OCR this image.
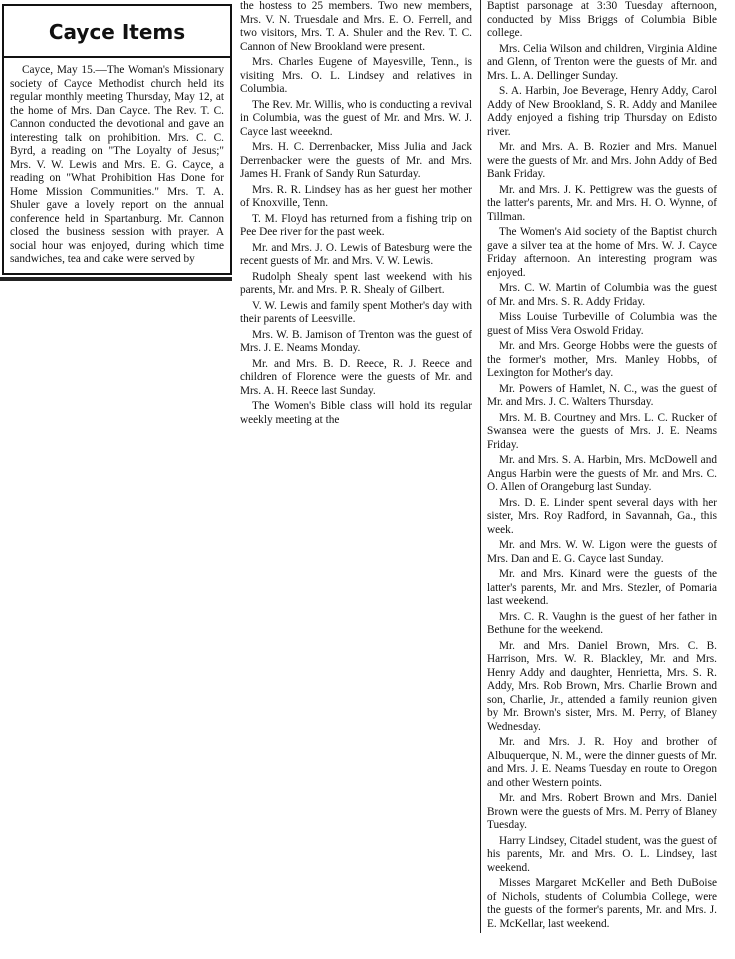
Cayce Items

Cayce, May 15.—The Woman's Missionary society of Cayce Methodist church held its regular monthly meeting Thursday, May 12, at the home of Mrs. Dan Cayce. The Rev. T. C. Cannon conducted the devotional and gave an interesting talk on prohibition. Mrs. C. C. Byrd, a reading on "The Loyalty of Jesus;" Mrs. V. W. Lewis and Mrs. E. G. Cayce, a reading on "What Prohibition Has Done for Home Mission Communities." Mrs. T. A. Shuler gave a lovely report on the annual conference held in Spartanburg. Mr. Cannon closed the business session with prayer. A social hour was enjoyed, during which time sandwiches, tea and cake were served by

the hostess to 25 members. Two new members, Mrs. V. N. Truesdale and Mrs. E. O. Ferrell, and two visitors, Mrs. T. A. Shuler and the Rev. T. C. Cannon of New Brookland were present.

Mrs. Charles Eugene of Mayesville, Tenn., is visiting Mrs. O. L. Lindsey and relatives in Columbia.

The Rev. Mr. Willis, who is conducting a revival in Columbia, was the guest of Mr. and Mrs. W. J. Cayce last weeeknd.

Mrs. H. C. Derrenbacker, Miss Julia and Jack Derrenbacker were the guests of Mr. and Mrs. James H. Frank of Sandy Run Saturday.

Mrs. R. R. Lindsey has as her guest her mother of Knoxville, Tenn.

T. M. Floyd has returned from a fishing trip on Pee Dee river for the past week.

Mr. and Mrs. J. O. Lewis of Batesburg were the recent guests of Mr. and Mrs. V. W. Lewis.

Rudolph Shealy spent last weekend with his parents, Mr. and Mrs. P. R. Shealy of Gilbert.

V. W. Lewis and family spent Mother's day with their parents of Leesville.

Mrs. W. B. Jamison of Trenton was the guest of Mrs. J. E. Neams Monday.

Mr. and Mrs. B. D. Reece, R. J. Reece and children of Florence were the guests of Mr. and Mrs. A. H. Reece last Sunday.

The Women's Bible class will hold its regular weekly meeting at the

Baptist parsonage at 3:30 Tuesday afternoon, conducted by Miss Briggs of Columbia Bible college.

Mrs. Celia Wilson and children, Virginia Aldine and Glenn, of Trenton were the guests of Mr. and Mrs. L. A. Dellinger Sunday.

S. A. Harbin, Joe Beverage, Henry Addy, Carol Addy of New Brookland, S. R. Addy and Manilee Addy enjoyed a fishing trip Thursday on Edisto river.

Mr. and Mrs. A. B. Rozier and Mrs. Manuel were the guests of Mr. and Mrs. John Addy of Bed Bank Friday.

Mr. and Mrs. J. K. Pettigrew was the guests of the latter's parents, Mr. and Mrs. H. O. Wynne, of Tillman.

The Women's Aid society of the Baptist church gave a silver tea at the home of Mrs. W. J. Cayce Friday afternoon. An interesting program was enjoyed.

Mrs. C. W. Martin of Columbia was the guest of Mr. and Mrs. S. R. Addy Friday.

Miss Louise Turbeville of Columbia was the guest of Miss Vera Oswold Friday.

Mr. and Mrs. George Hobbs were the guests of the former's mother, Mrs. Manley Hobbs, of Lexington for Mother's day.

Mr. Powers of Hamlet, N. C., was the guest of Mr. and Mrs. J. C. Walters Thursday.

Mrs. M. B. Courtney and Mrs. L. C. Rucker of Swansea were the guests of Mrs. J. E. Neams Friday.

Mr. and Mrs. S. A. Harbin, Mrs. McDowell and Angus Harbin were the guests of Mr. and Mrs. C. O. Allen of Orangeburg last Sunday.

Mrs. D. E. Linder spent several days with her sister, Mrs. Roy Radford, in Savannah, Ga., this week.

Mr. and Mrs. W. W. Ligon were the guests of Mrs. Dan and E. G. Cayce last Sunday.

Mr. and Mrs. Kinard were the guests of the latter's parents, Mr. and Mrs. Stezler, of Pomaria last weekend.

Mrs. C. R. Vaughn is the guest of her father in Bethune for the weekend.

Mr. and Mrs. Daniel Brown, Mrs. C. B. Harrison, Mrs. W. R. Blackley, Mr. and Mrs. Henry Addy and daughter, Henrietta, Mrs. S. R. Addy, Mrs. Rob Brown, Mrs. Charlie Brown and son, Charlie, Jr., attended a family reunion given by Mr. Brown's sister, Mrs. M. Perry, of Blaney Wednesday.

Mr. and Mrs. J. R. Hoy and brother of Albuquerque, N. M., were the dinner guests of Mr. and Mrs. J. E. Neams Tuesday en route to Oregon and other Western points.

Mr. and Mrs. Robert Brown and Mrs. Daniel Brown were the guests of Mrs. M. Perry of Blaney Tuesday.

Harry Lindsey, Citadel student, was the guest of his parents, Mr. and Mrs. O. L. Lindsey, last weekend.

Misses Margaret McKeller and Beth DuBoise of Nichols, students of Columbia College, were the guests of the former's parents, Mr. and Mrs. J. E. McKellar, last weekend.
